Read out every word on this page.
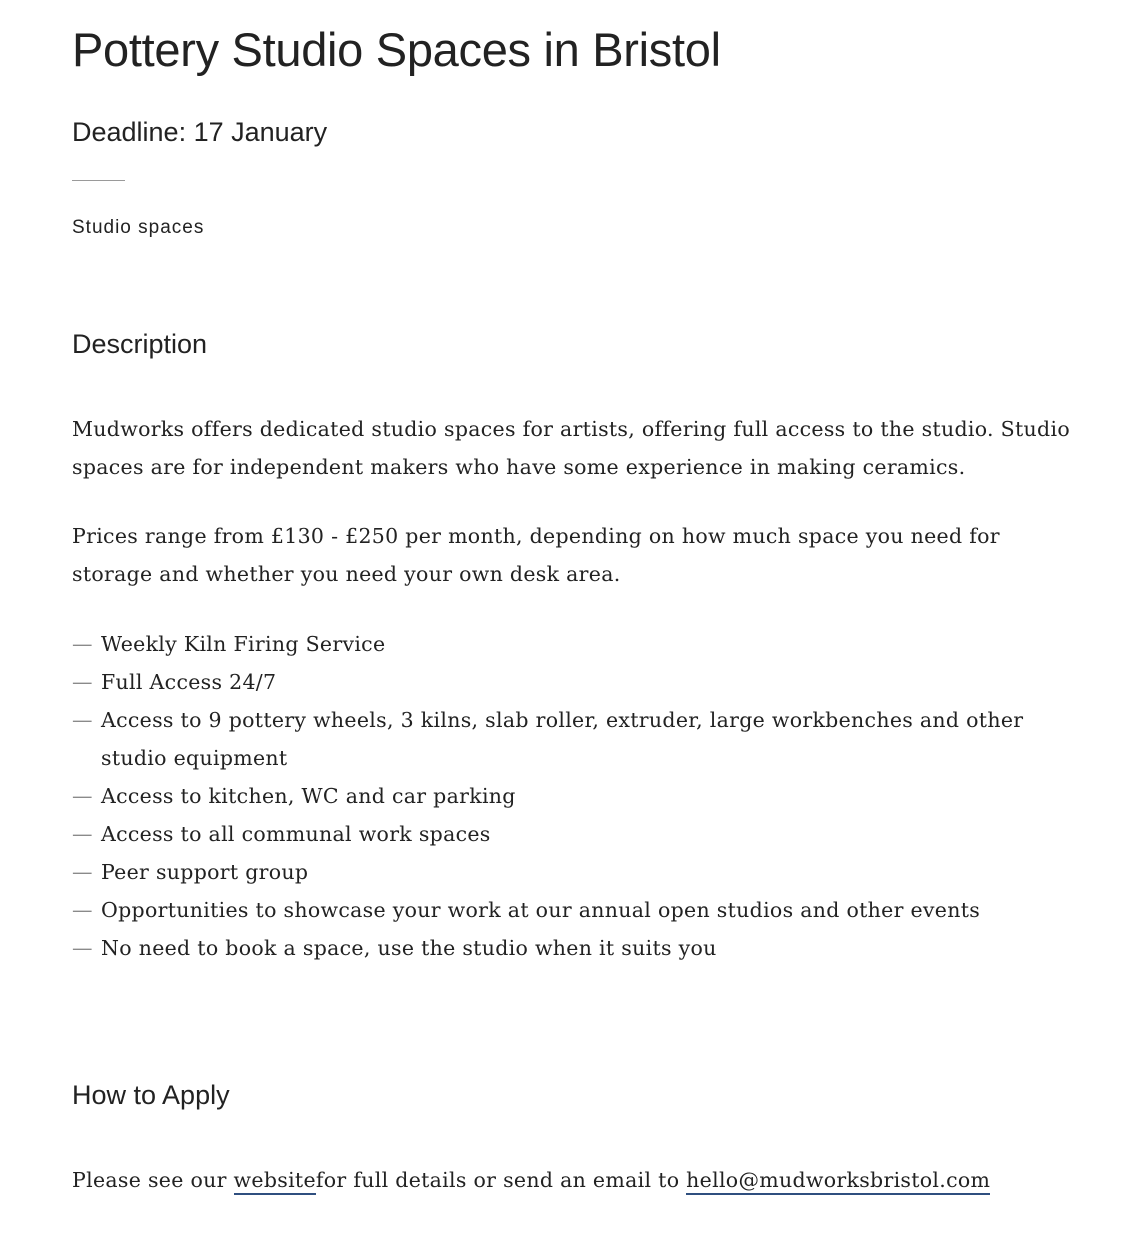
Pottery Studio Spaces in Bristol
Deadline: 17 January
Studio spaces
Description

Mudworks offers dedicated studio spaces for artists, offering full access to the studio. Studio spaces are for independent makers who have some experience in making ceramics.

Prices range from £130 - £250 per month, depending on how much space you need for storage and whether you need your own desk area.

— Weekly Kiln Firing Service
— Full Access 24/7
— Access to 9 pottery wheels, 3 kilns, slab roller, extruder, large workbenches and other studio equipment
— Access to kitchen, WC and car parking
— Access to all communal work spaces
— Peer support group
— Opportunities to showcase your work at our annual open studios and other events
— No need to book a space, use the studio when it suits you
How to Apply

Please see our websitefor full details or send an email to hello@mudworksbristol.com
